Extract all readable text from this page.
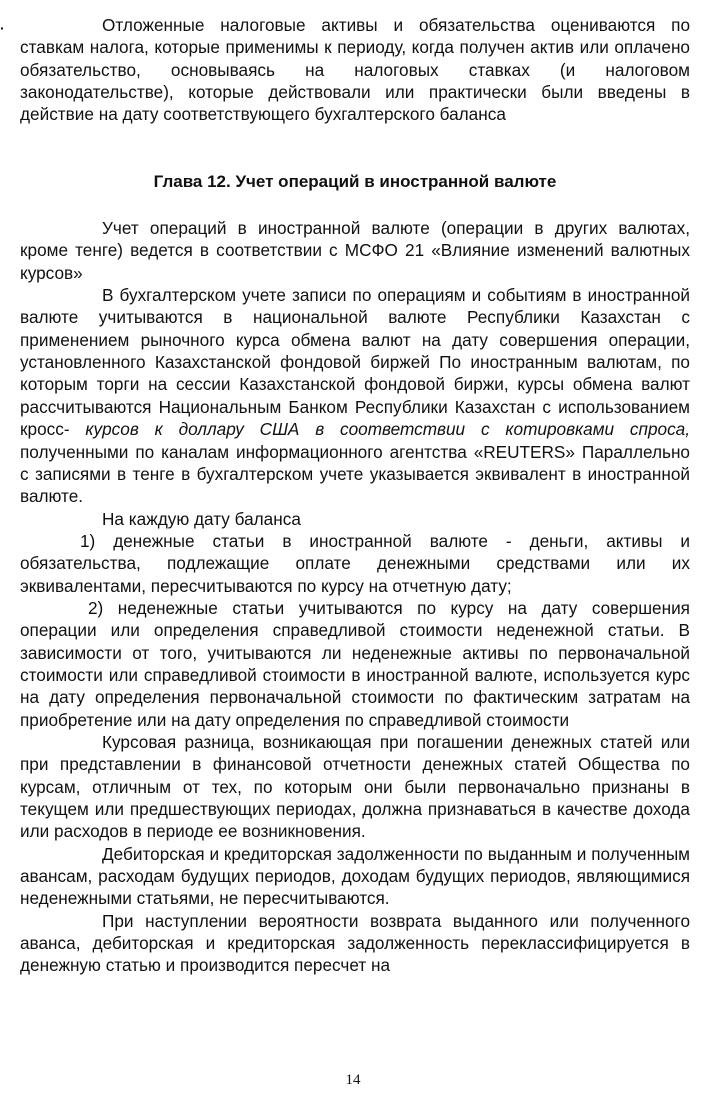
·	Отложенные налоговые активы и обязательства оцениваются по ставкам налога, которые применимы к периоду, когда получен актив или оплачено обязательство, основываясь на налоговых ставках (и налоговом законодательстве), которые действовали или практически были введены в действие на дату соответствующего бухгалтерского баланса

Глава 12. Учет операций в иностранной валюте

Учет операций в иностранной валюте (операции в других валютах, кроме тенге) ведется в соответствии с МСФО 21 «Влияние изменений валютных курсов»

В бухгалтерском учете записи по операциям и событиям в иностранной валюте учитываются в национальной валюте Республики Казахстан с применением рыночного курса обмена валют на дату совершения операции, установленного Казахстанской фондовой биржей По иностранным валютам, по которым торги на сессии Казахстанской фондовой биржи, курсы обмена валют рассчитываются Национальным Банком Республики Казахстан с использованием кросс- курсов к доллару США в соответствии с котировками спроса, полученными по каналам информационного агентства «REUTERS» Параллельно с записями в тенге в бухгалтерском учете указывается эквивалент в иностранной валюте.

На каждую дату баланса

1) денежные статьи в иностранной валюте - деньги, активы и обязательства, подлежащие оплате денежными средствами или их эквивалентами, пересчитываются по курсу на отчетную дату;

2) неденежные статьи учитываются по курсу на дату совершения операции или определения справедливой стоимости неденежной статьи. В зависимости от того, учитываются ли неденежные активы по первоначальной стоимости или справедливой стоимости в иностранной валюте, используется курс на дату определения первоначальной стоимости по фактическим затратам на приобретение или на дату определения по справедливой стоимости

Курсовая разница, возникающая при погашении денежных статей или при представлении в финансовой отчетности денежных статей Общества по курсам, отличным от тех, по которым они были первоначально признаны в текущем или предшествующих периодах, должна признаваться в качестве дохода или расходов в периоде ее возникновения.

Дебиторская и кредиторская задолженности по выданным и полученным авансам, расходам будущих периодов, доходам будущих периодов, являющимися неденежными статьями, не пересчитываются.

При наступлении вероятности возврата выданного или полученного аванса, дебиторская и кредиторская задолженность переклассифицируется в денежную статью и производится пересчет на

14
